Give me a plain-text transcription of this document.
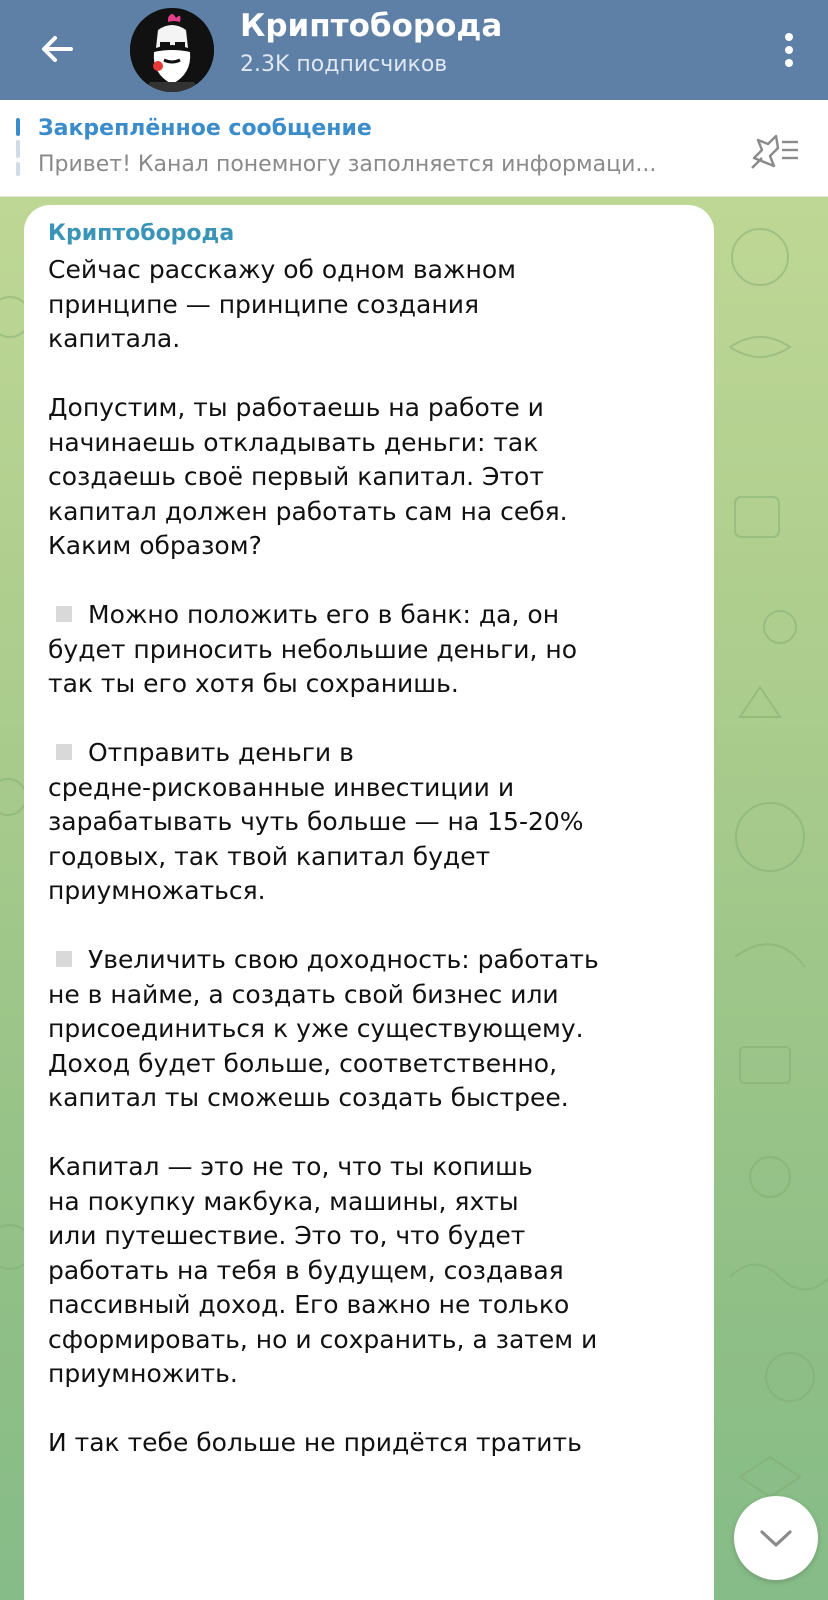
Криптоборода
2.3K подписчиков
Закреплённое сообщение
Привет! Канал понемногу заполняется информаци...
Криптоборода

Сейчас расскажу об одном важном
принципе — принципе создания
капитала.

Допустим, ты работаешь на работе и
начинаешь откладывать деньги: так
создаешь своё первый капитал. Этот
капитал должен работать сам на себя.
Каким образом?

Можно положить его в банк: да, он
будет приносить небольшие деньги, но
так ты его хотя бы сохранишь.

Отправить деньги в
средне-рискованные инвестиции и
зарабатывать чуть больше — на 15-20%
годовых, так твой капитал будет
приумножаться.

Увеличить свою доходность: работать
не в найме, а создать свой бизнес или
присоединиться к уже существующему.
Доход будет больше, соответственно,
капитал ты сможешь создать быстрее.

Капитал — это не то, что ты копишь
на покупку макбука, машины, яхты
или путешествие. Это то, что будет
работать на тебя в будущем, создавая
пассивный доход. Его важно не только
сформировать, но и сохранить, а затем и
приумножить.

И так тебе больше не придётся тратить
